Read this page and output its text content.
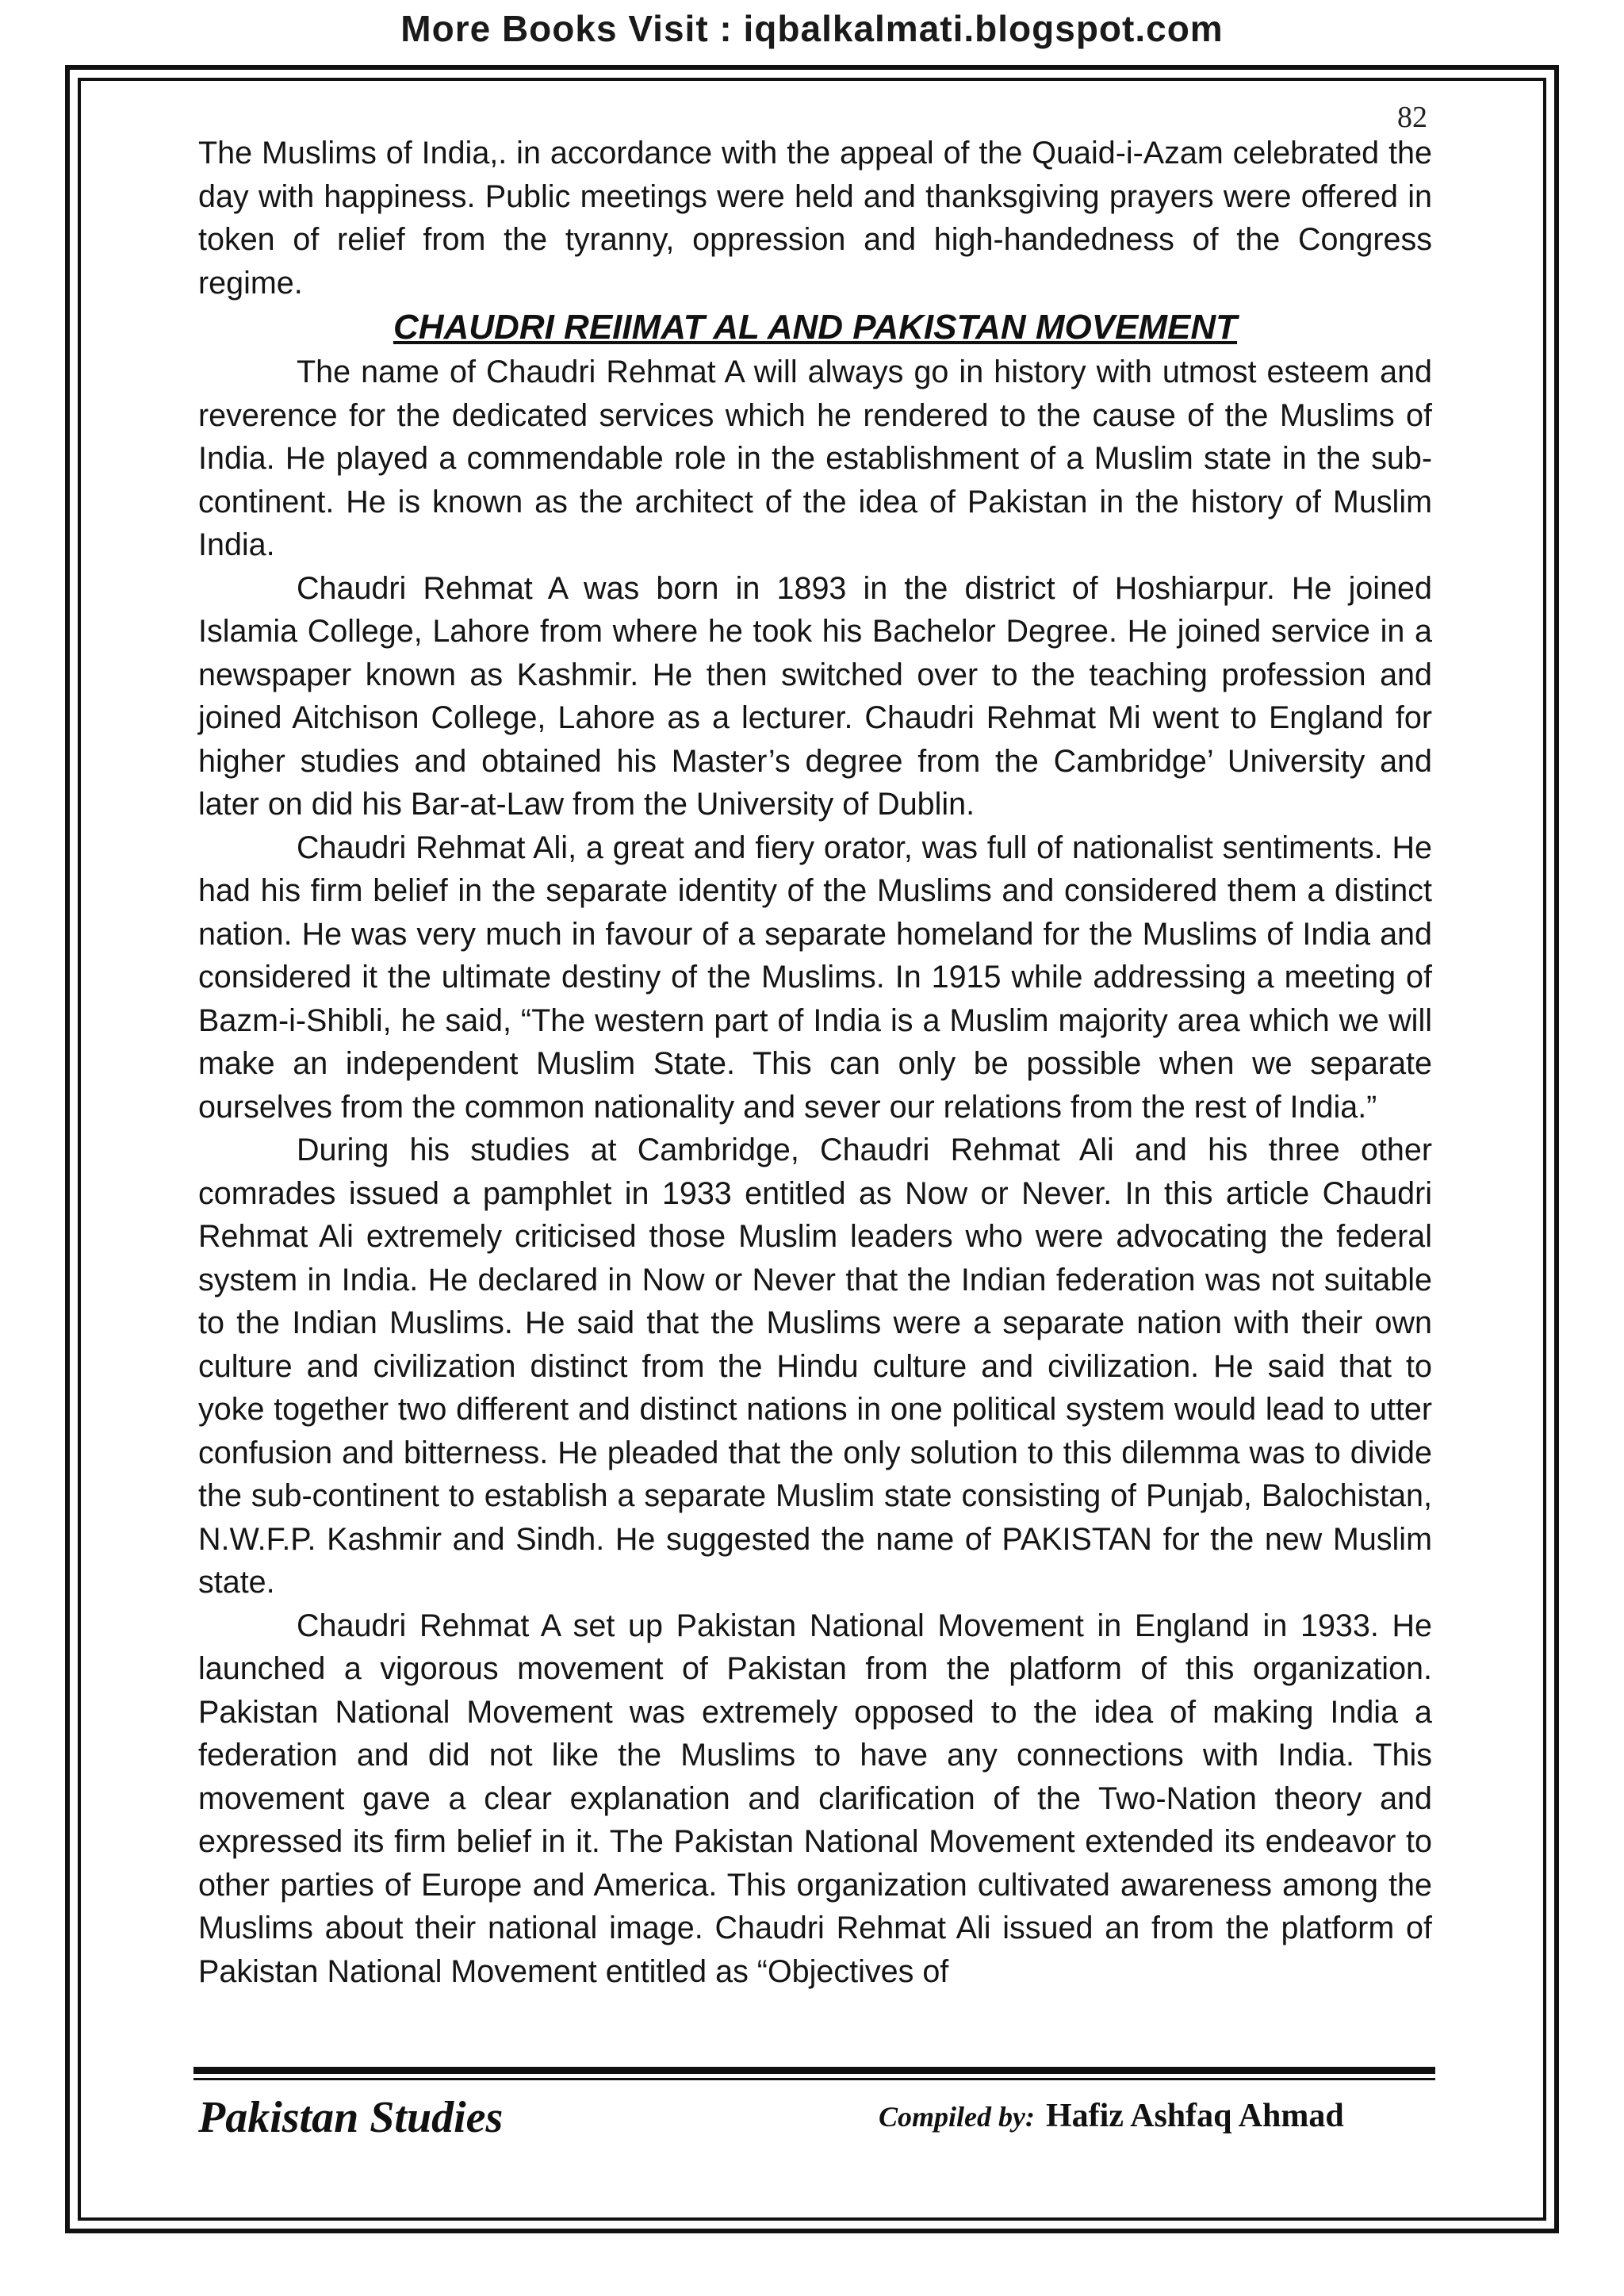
More Books Visit : iqbalkalmati.blogspot.com
82

The Muslims of India,. in accordance with the appeal of the Quaid-i-Azam celebrated the day with happiness. Public meetings were held and thanksgiving prayers were offered in token of relief from the tyranny, oppression and high-handedness of the Congress regime.

CHAUDRI REIIMAT AL AND PAKISTAN MOVEMENT

The name of Chaudri Rehmat A will always go in history with utmost esteem and reverence for the dedicated services which he rendered to the cause of the Muslims of India. He played a commendable role in the establishment of a Muslim state in the sub-continent. He is known as the architect of the idea of Pakistan in the history of Muslim India.

Chaudri Rehmat A was born in 1893 in the district of Hoshiarpur. He joined Islamia College, Lahore from where he took his Bachelor Degree. He joined service in a newspaper known as Kashmir. He then switched over to the teaching profession and joined Aitchison College, Lahore as a lecturer. Chaudri Rehmat Mi went to England for higher studies and obtained his Master’s degree from the Cambridge’ University and later on did his Bar-at-Law from the University of Dublin.

Chaudri Rehmat Ali, a great and fiery orator, was full of nationalist sentiments. He had his firm belief in the separate identity of the Muslims and considered them a distinct nation. He was very much in favour of a separate homeland for the Muslims of India and considered it the ultimate destiny of the Muslims. In 1915 while addressing a meeting of Bazm-i-Shibli, he said, “The western part of India is a Muslim majority area which we will make an independent Muslim State. This can only be possible when we separate ourselves from the common nationality and sever our relations from the rest of India.”

During his studies at Cambridge, Chaudri Rehmat Ali and his three other comrades issued a pamphlet in 1933 entitled as Now or Never. In this article Chaudri Rehmat Ali extremely criticised those Muslim leaders who were advocating the federal system in India. He declared in Now or Never that the Indian federation was not suitable to the Indian Muslims. He said that the Muslims were a separate nation with their own culture and civilization distinct from the Hindu culture and civilization. He said that to yoke together two different and distinct nations in one political system would lead to utter confusion and bitterness. He pleaded that the only solution to this dilemma was to divide the sub-continent to establish a separate Muslim state consisting of Punjab, Balochistan, N.W.F.P. Kashmir and Sindh. He suggested the name of PAKISTAN for the new Muslim state.

Chaudri Rehmat A set up Pakistan National Movement in England in 1933. He launched a vigorous movement of Pakistan from the platform of this organization. Pakistan National Movement was extremely opposed to the idea of making India a federation and did not like the Muslims to have any connections with India. This movement gave a clear explanation and clarification of the Two-Nation theory and expressed its firm belief in it. The Pakistan National Movement extended its endeavor to other parties of Europe and America. This organization cultivated awareness among the Muslims about their national image. Chaudri Rehmat Ali issued an from the platform of Pakistan National Movement entitled as “Objectives of

Pakistan Studies	Compiled by: Hafiz Ashfaq Ahmad
